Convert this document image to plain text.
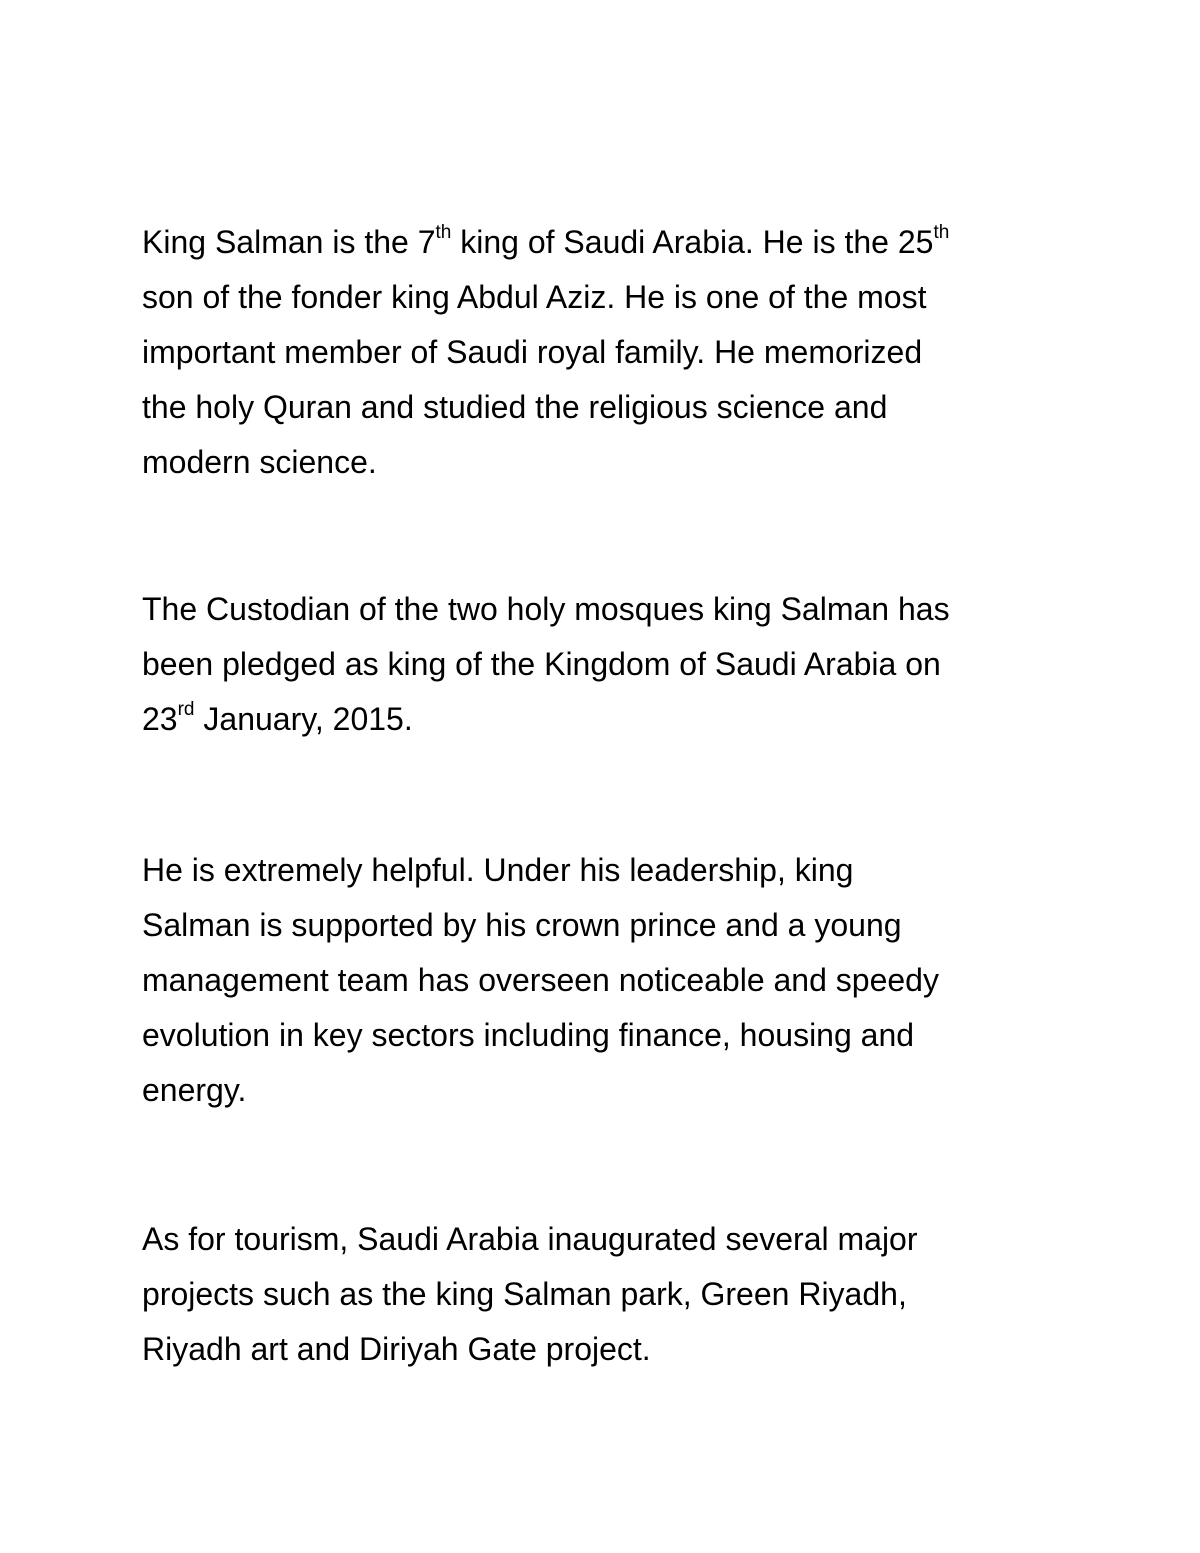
King Salman is the 7th king of Saudi Arabia. He is the 25th
son of the fonder king Abdul Aziz. He is one of the most
important member of Saudi royal family. He memorized
the holy Quran and studied the religious science and
modern science.
The Custodian of the two holy mosques king Salman has
been pledged as king of the Kingdom of Saudi Arabia on
23rd January, 2015.
He is extremely helpful. Under his leadership, king
Salman is supported by his crown prince and a young
management team has overseen noticeable and speedy
evolution in key sectors including finance, housing and
energy.
As for tourism, Saudi Arabia inaugurated several major
projects such as the king Salman park, Green Riyadh,
Riyadh art and Diriyah Gate project.
